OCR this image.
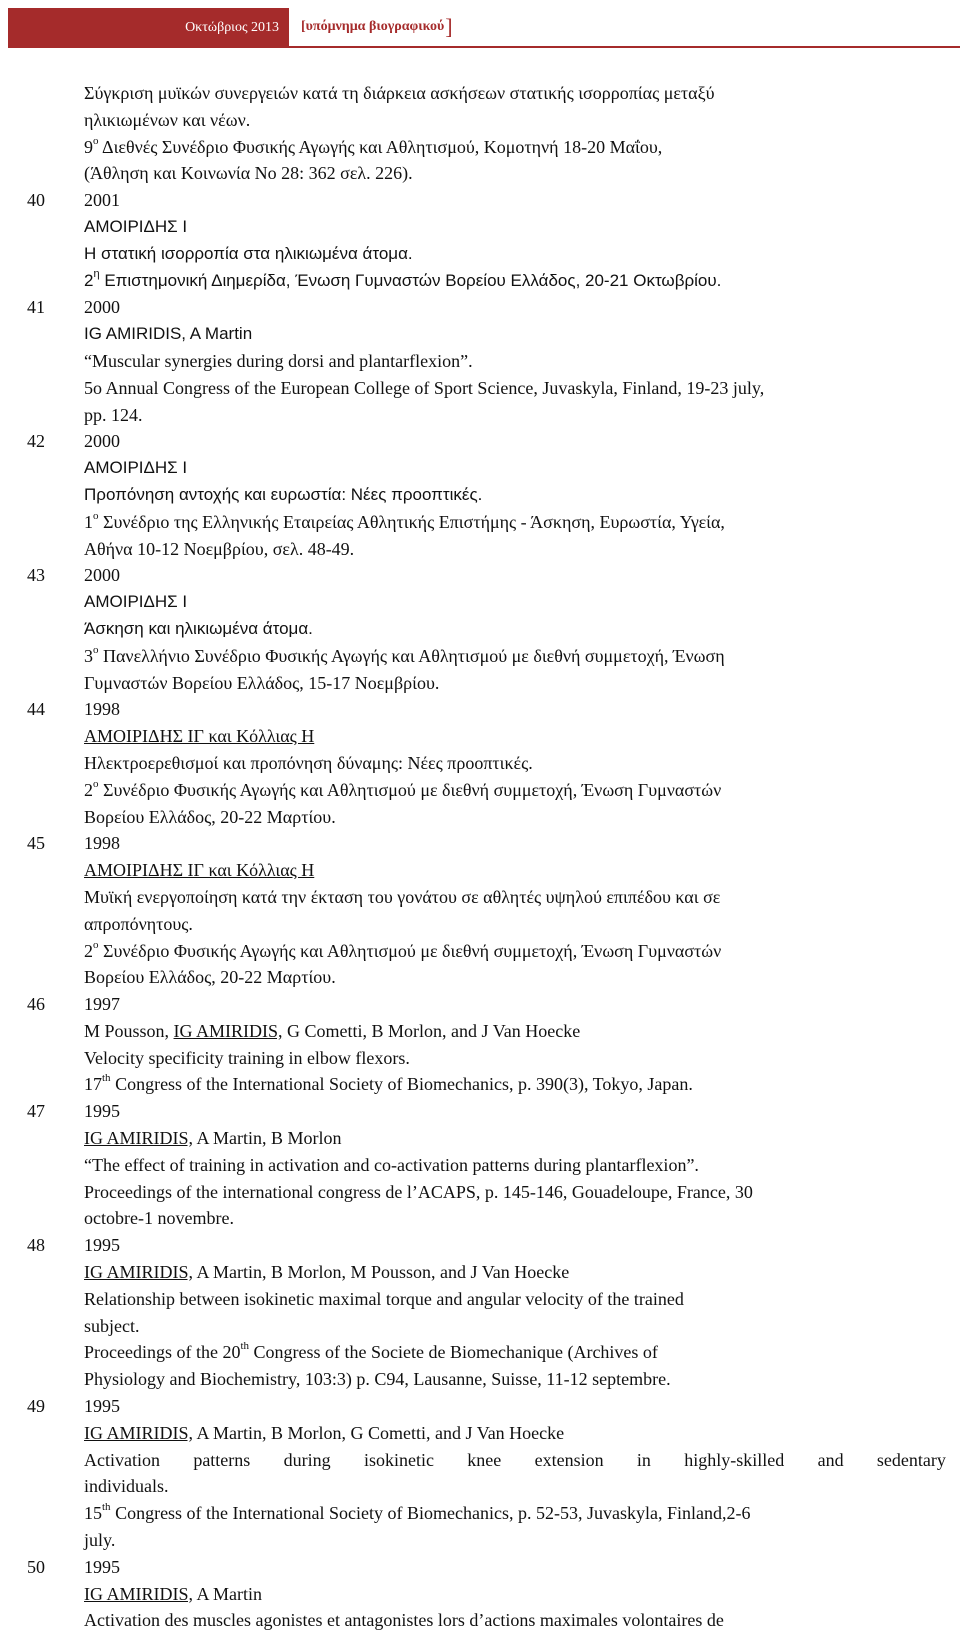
Οκτώβριος 2013	[υπόμνημα βιογραφικού ]
Σύγκριση μυϊκών συνεργειών κατά τη διάρκεια ασκήσεων στατικής ισορροπίας μεταξύ
ηλικιωμένων και νέων.
$9^o$ Διεθνές Συνέδριο Φυσικής Αγωγής και Αθλητισμού, Κομοτηνή 18-20 Μαΐου,
(Άθληση και Κοινωνία Νο 28: 362 σελ. 226).
40 2001
ΑΜΟΙΡΙΔΗΣ Ι
Η στατική ισορροπία στα ηλικιωμένα άτομα.
$2^\eta$ Επιστημονική Διημερίδα, Ένωση Γυμναστών Βορείου Ελλάδος, 20-21 Οκτωβρίου.
41 2000
IG AMIRIDIS, A Martin
“Muscular synergies during dorsi and plantarflexion”.
5o Annual Congress of the European College of Sport Science, Juvaskyla, Finland, 19-23 july,
pp. 124.
42 2000
ΑΜΟΙΡΙΔΗΣ Ι
Προπόνηση αντοχής και ευρωστία: Νέες προοπτικές.
$1^o$ Συνέδριο της Ελληνικής Εταιρείας Αθλητικής Επιστήμης - Άσκηση, Ευρωστία, Υγεία,
Αθήνα 10-12 Νοεμβρίου, σελ. 48-49.
43 2000
ΑΜΟΙΡΙΔΗΣ Ι
Άσκηση και ηλικιωμένα άτομα.
$3^o$ Πανελλήνιο Συνέδριο Φυσικής Αγωγής και Αθλητισμού με διεθνή συμμετοχή, Ένωση
Γυμναστών Βορείου Ελλάδος, 15-17 Νοεμβρίου.
44 1998
ΑΜΟΙΡΙΔΗΣ ΙΓ και Κόλλιας Η
Ηλεκτροερεθισμοί και προπόνηση δύναμης: Νέες προοπτικές.
$2^o$ Συνέδριο Φυσικής Αγωγής και Αθλητισμού με διεθνή συμμετοχή, Ένωση Γυμναστών
Βορείου Ελλάδος, 20-22 Μαρτίου.
45 1998
ΑΜΟΙΡΙΔΗΣ ΙΓ και Κόλλιας Η
Μυϊκή ενεργοποίηση κατά την έκταση του γονάτου σε αθλητές υψηλού επιπέδου και σε
απροπόνητους.
$2^o$ Συνέδριο Φυσικής Αγωγής και Αθλητισμού με διεθνή συμμετοχή, Ένωση Γυμναστών
Βορείου Ελλάδος, 20-22 Μαρτίου.
46 1997
M Pousson, IG AMIRIDIS, G Cometti, B Morlon, and J Van Hoecke
Velocity specificity training in elbow flexors.
17th Congress of the International Society of Biomechanics, p. 390(3), Tokyo, Japan.
47 1995
IG AMIRIDIS, A Martin, B Morlon
“The effect of training in activation and co-activation patterns during plantarflexion”.
Proceedings of the international congress de l’ACAPS, p. 145-146, Gouadeloupe, France, 30
octobre-1 novembre.
48 1995
IG AMIRIDIS, A Martin, B Morlon, M Pousson, and J Van Hoecke
Relationship between isokinetic maximal torque and angular velocity of the trained
subject.
Proceedings of the 20th Congress of the Societe de Biomechanique (Archives of
Physiology and Biochemistry, 103:3) p. C94, Lausanne, Suisse, 11-12 septembre.
49 1995
IG AMIRIDIS, A Martin, B Morlon, G Cometti, and J Van Hoecke
Activation patterns during isokinetic knee extension in highly-skilled and sedentary
individuals.
15th Congress of the International Society of Biomechanics, p. 52-53, Juvaskyla, Finland,2-6
july.
50 1995
IG AMIRIDIS, A Martin
Activation des muscles agonistes et antagonistes lors d’actions maximales volontaires de
